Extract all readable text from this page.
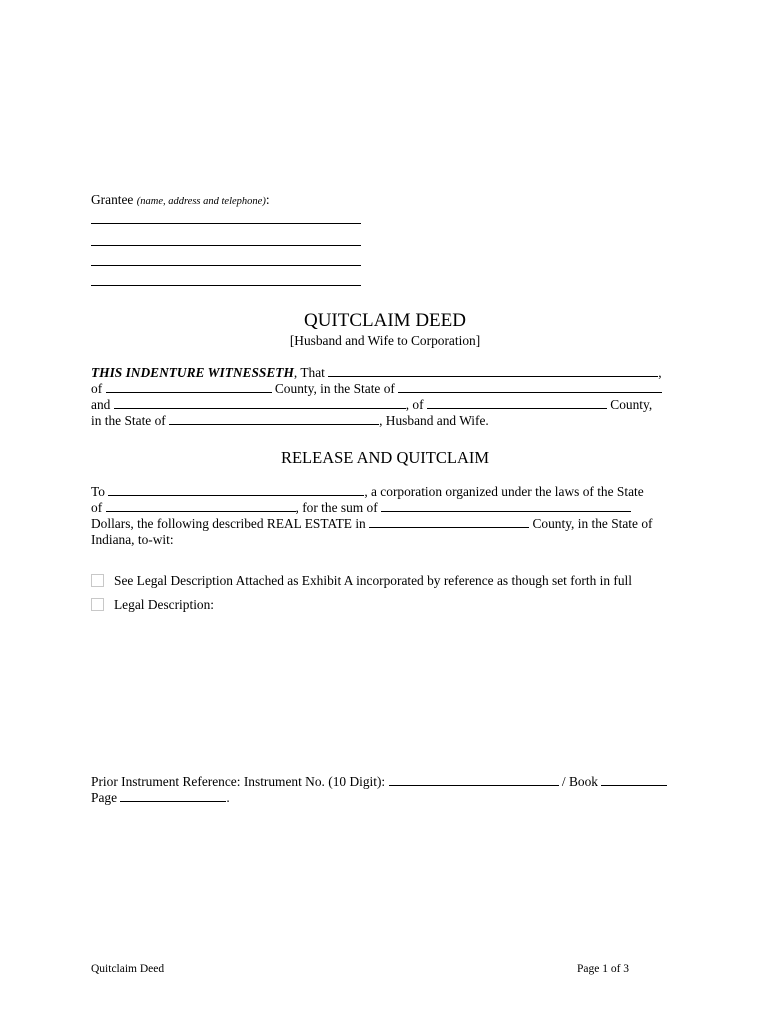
Grantee (name, address and telephone):
QUITCLAIM DEED
[Husband and Wife to Corporation]
THIS INDENTURE WITNESSETH, That	,
of	County, in the State of
and	, of	County,
in the State of	, Husband and Wife.
RELEASE AND QUITCLAIM
To	, a corporation organized under the laws of the State
of	, for the sum of
Dollars, the following described REAL ESTATE in	County, in the State of
Indiana, to-wit:
See Legal Description Attached as Exhibit A incorporated by reference as though set forth in full
Legal Description:
Prior Instrument Reference: Instrument No. (10 Digit):	/ Book
Page	.
Quitclaim Deed	Page 1 of 3
